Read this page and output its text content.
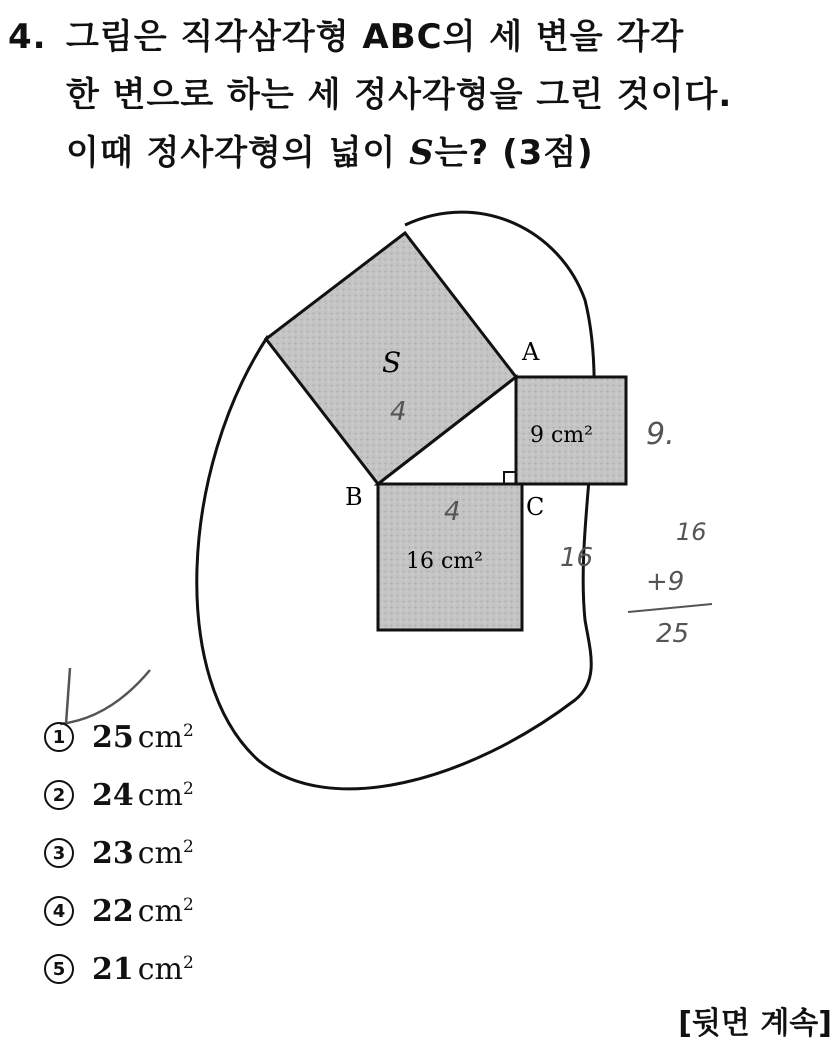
4. 그림은 직각삼각형 ABC의 세 변을 각각
한 변으로 하는 세 정사각형을 그린 것이다.
이때 정사각형의 넓이 S는? (3점)
A
B	C
S
9 cm²
16 cm²
9.
16
4
4
16
+9
25
1 25 $cm^2$
2 24 $cm^2$
3 23 $cm^2$
4 22 $cm^2$
5 21 $cm^2$
[뒷면 계속]
